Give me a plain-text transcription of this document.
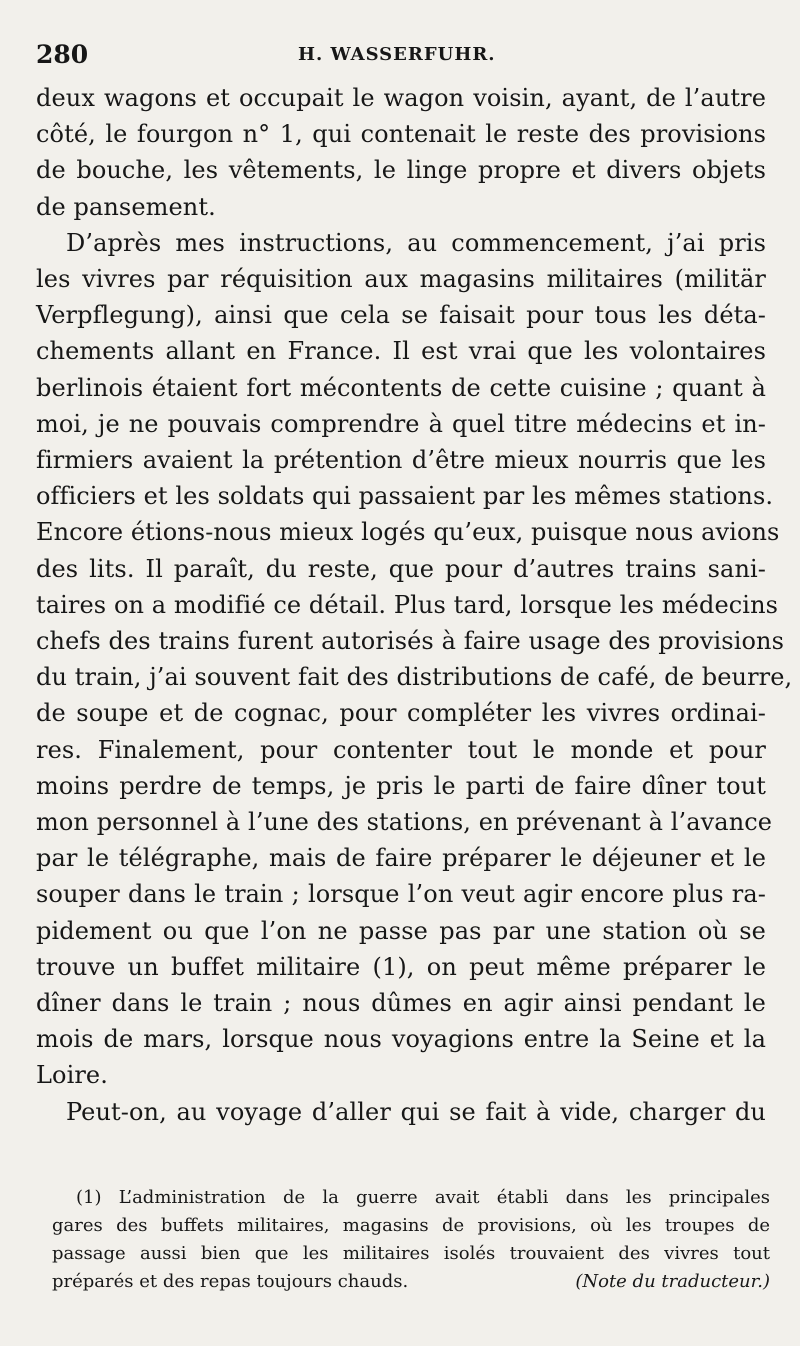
280	H. WASSERFUHR.
deux wagons et occupait le wagon voisin, ayant, de l’autre
côté, le fourgon n° 1, qui contenait le reste des provisions
de bouche, les vêtements, le linge propre et divers objets
de pansement.
D’après mes instructions, au commencement, j’ai pris
les vivres par réquisition aux magasins militaires (militär
Verpflegung), ainsi que cela se faisait pour tous les déta-
chements allant en France. Il est vrai que les volontaires
berlinois étaient fort mécontents de cette cuisine ; quant à
moi, je ne pouvais comprendre à quel titre médecins et in-
firmiers avaient la prétention d’être mieux nourris que les
officiers et les soldats qui passaient par les mêmes stations.
Encore étions-nous mieux logés qu’eux, puisque nous avions
des lits. Il paraît, du reste, que pour d’autres trains sani-
taires on a modifié ce détail. Plus tard, lorsque les médecins
chefs des trains furent autorisés à faire usage des provisions
du train, j’ai souvent fait des distributions de café, de beurre,
de soupe et de cognac, pour compléter les vivres ordinai-
res. Finalement, pour contenter tout le monde et pour
moins perdre de temps, je pris le parti de faire dîner tout
mon personnel à l’une des stations, en prévenant à l’avance
par le télégraphe, mais de faire préparer le déjeuner et le
souper dans le train ; lorsque l’on veut agir encore plus ra-
pidement ou que l’on ne passe pas par une station où se
trouve un buffet militaire (1), on peut même préparer le
dîner dans le train ; nous dûmes en agir ainsi pendant le
mois de mars, lorsque nous voyagions entre la Seine et la
Loire.
Peut-on, au voyage d’aller qui se fait à vide, charger du
(1) L’administration de la guerre avait établi dans les principales
gares des buffets militaires, magasins de provisions, où les troupes de
passage aussi bien que les militaires isolés trouvaient des vivres tout
préparés et des repas toujours chauds.	(Note du traducteur.)
